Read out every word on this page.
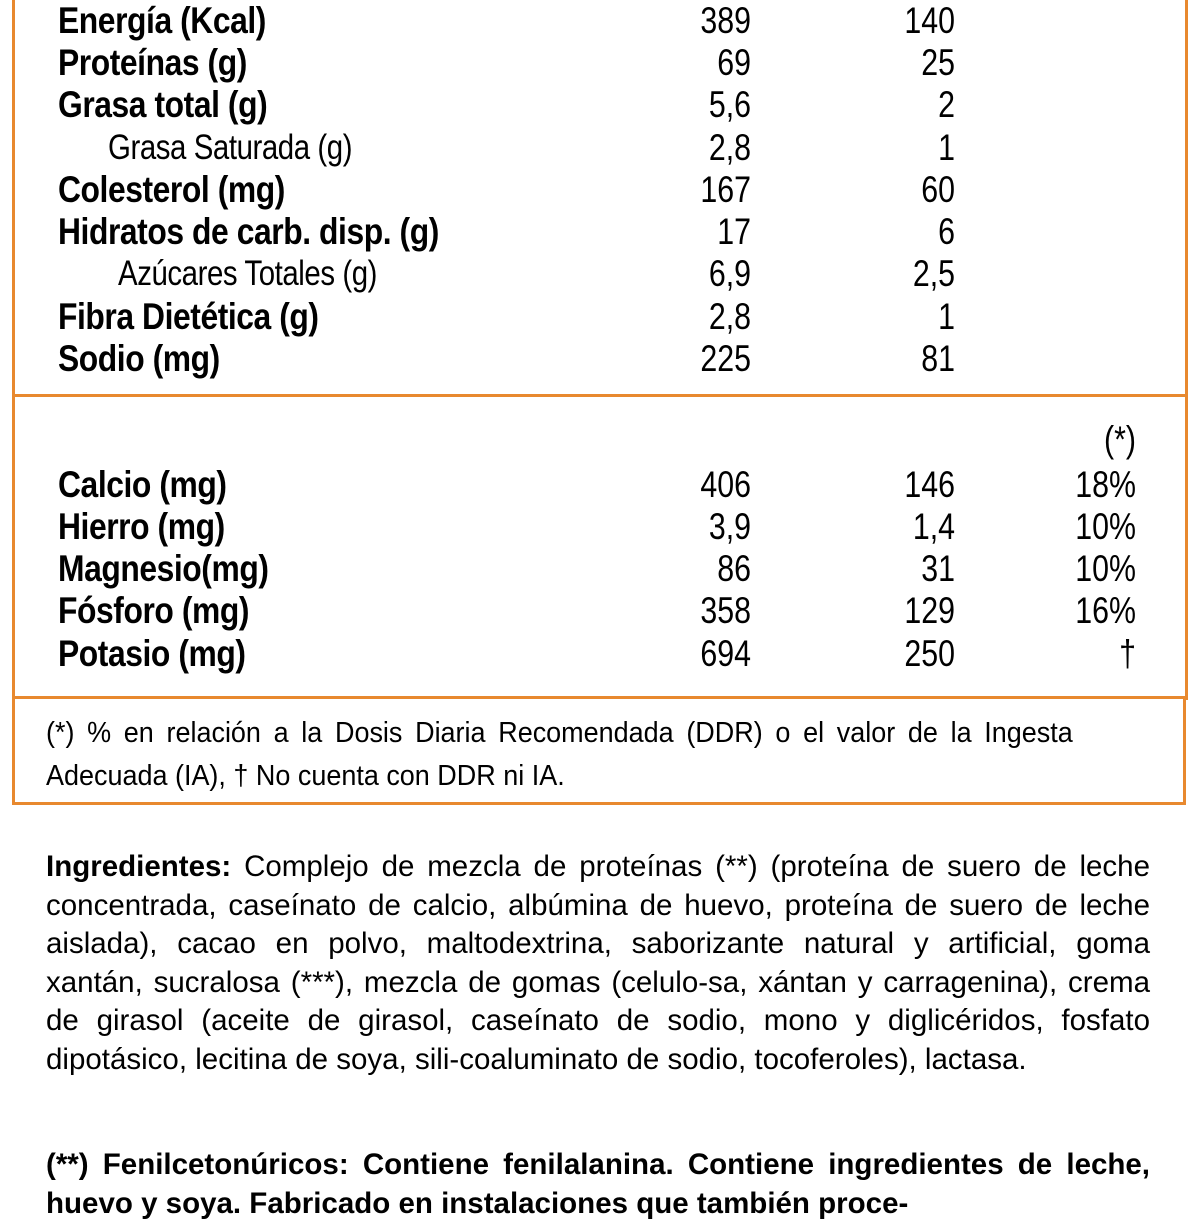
Energía (Kcal)	389	140
Proteínas (g)	69	25
Grasa total (g)	5,6	2
Grasa Saturada (g)	2,8	1
Colesterol (mg)	167	60
Hidratos de carb. disp. (g)	17	6
Azúcares Totales (g)	6,9	2,5
Fibra Dietética (g)	2,8	1
Sodio (mg)	225	81
(*)
Calcio (mg)	406	146	18%
Hierro (mg)	3,9	1,4	10%
Magnesio(mg)	86	31	10%
Fósforo (mg)	358	129	16%
Potasio (mg)	694	250	†
(*) % en relación a la Dosis Diaria Recomendada (DDR) o el valor de la Ingesta Adecuada (IA), † No cuenta con DDR ni IA.
Ingredientes: Complejo de mezcla de proteínas (**) (proteína de suero de leche concentrada, caseínato de calcio, albúmina de huevo, proteína de suero de leche aislada), cacao en polvo, maltodextrina, saborizante natural y artificial, goma xantán, sucralosa (***), mezcla de gomas (celulo-sa, xántan y carragenina), crema de girasol (aceite de girasol, caseínato de sodio, mono y diglicéridos, fosfato dipotásico, lecitina de soya, sili-coaluminato de sodio, tocoferoles), lactasa.
(**) Fenilcetonúricos: Contiene fenilalanina. Contiene ingredientes de leche, huevo y soya. Fabricado en instalaciones que también proce-
